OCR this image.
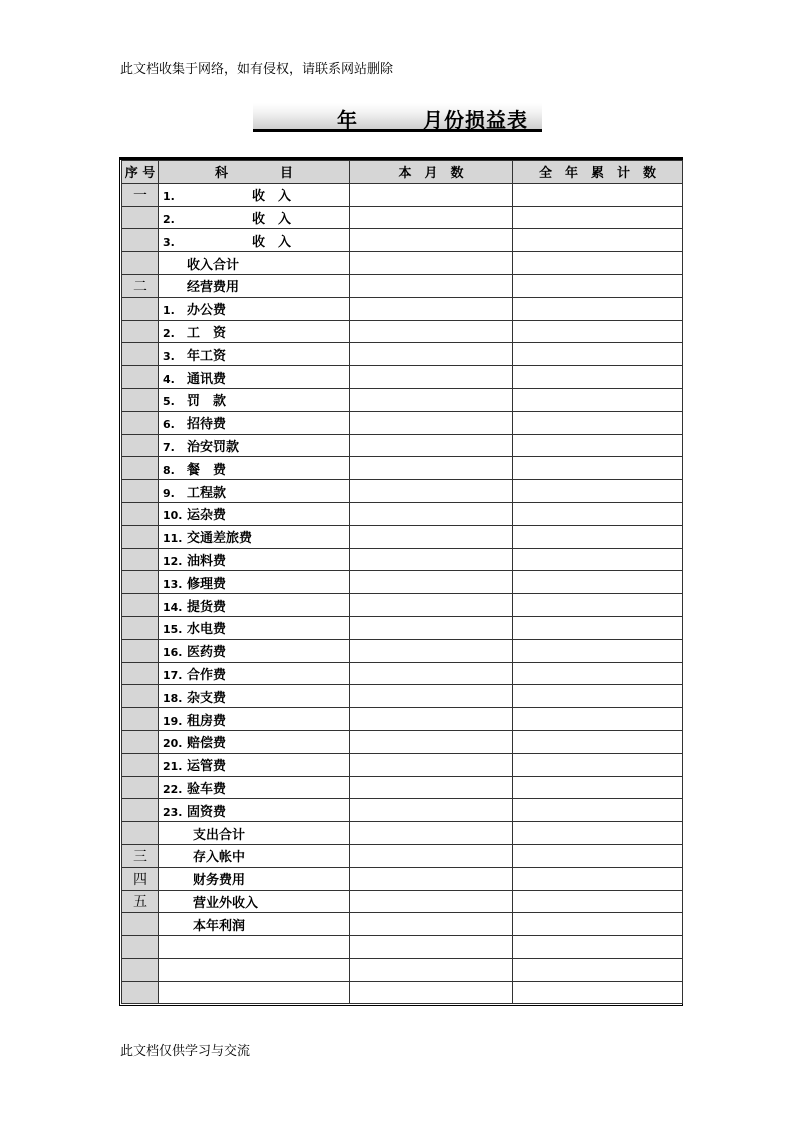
此文档收集于网络，如有侵权，请联系网站删除
年	月份损益表
序 号	科　　　　目	本　月　数	全　年　累　计　数
一	1.　　　　　收　入		
	2.　　　　　收　入		
	3.　　　　　收　入		
	收入合计		
二	经营费用		
	1. 办公费		
	2. 工　资		
	3. 年工资		
	4. 通讯费		
	5. 罚　款		
	6. 招待费		
	7. 治安罚款		
	8. 餐　费		
	9. 工程款		
	10. 运杂费		
	11. 交通差旅费		
	12. 油料费		
	13. 修理费		
	14. 提货费		
	15. 水电费		
	16. 医药费		
	17. 合作费		
	18. 杂支费		
	19. 租房费		
	20. 赔偿费		
	21. 运管费		
	22. 验车费		
	23. 固资费		
	支出合计		
三	存入帐中		
四	财务费用		
五	营业外收入		
	本年利润		

此文档仅供学习与交流
